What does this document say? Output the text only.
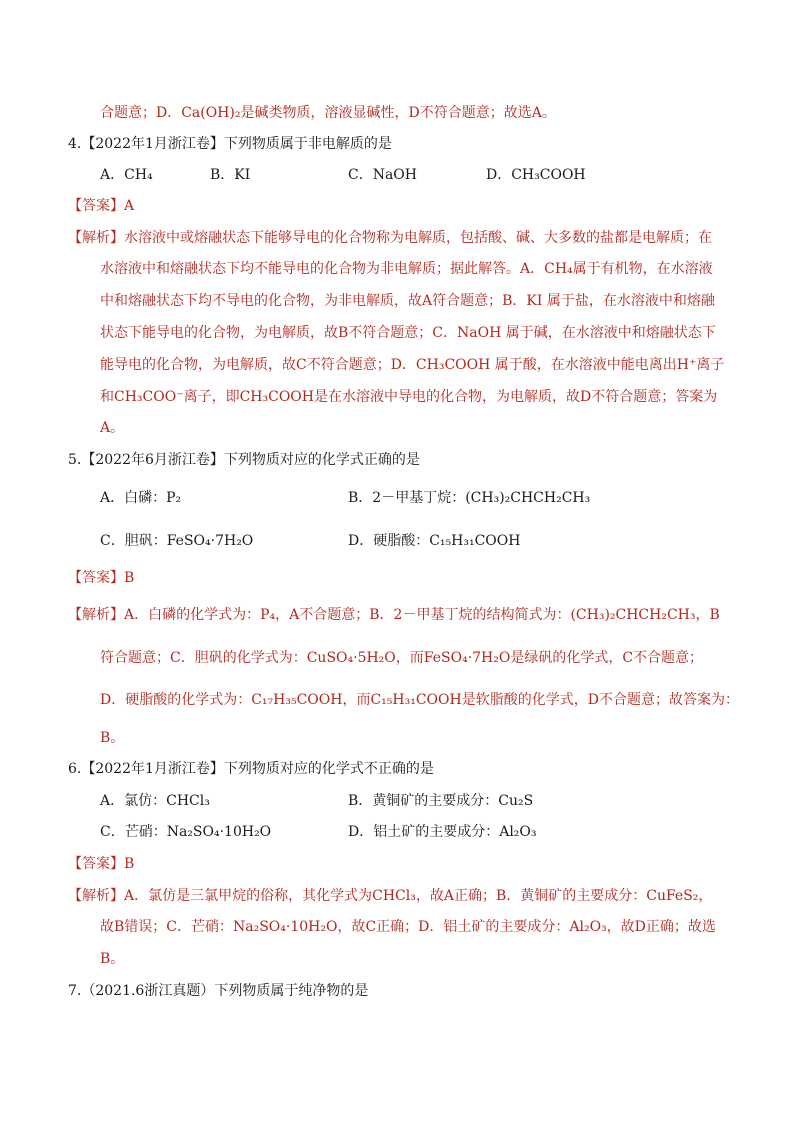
合题意；D．Ca(OH)₂是碱类物质，溶液显碱性，D不符合题意；故选A。
4.【2022年1月浙江卷】下列物质属于非电解质的是
A．CH₄	B．KI	C．NaOH	D．CH₃COOH
【答案】A
【解析】水溶液中或熔融状态下能够导电的化合物称为电解质，包括酸、碱、大多数的盐都是电解质；在
水溶液中和熔融状态下均不能导电的化合物为非电解质；据此解答。A．CH₄属于有机物，在水溶液
中和熔融状态下均不导电的化合物，为非电解质，故A符合题意；B．KI 属于盐，在水溶液中和熔融
状态下能导电的化合物，为电解质，故B不符合题意；C．NaOH 属于碱，在水溶液中和熔融状态下
能导电的化合物，为电解质，故C不符合题意；D．CH₃COOH 属于酸，在水溶液中能电离出H⁺离子
和CH₃COO⁻离子，即CH₃COOH是在水溶液中导电的化合物，为电解质，故D不符合题意；答案为
A。
5.【2022年6月浙江卷】下列物质对应的化学式正确的是
A．白磷：P₂	B．2－甲基丁烷：(CH₃)₂CHCH₂CH₃
C．胆矾：FeSO₄·7H₂O	D．硬脂酸：C₁₅H₃₁COOH
【答案】B
【解析】A．白磷的化学式为：P₄，A不合题意；B．2－甲基丁烷的结构简式为：(CH₃)₂CHCH₂CH₃，B
符合题意；C．胆矾的化学式为：CuSO₄·5H₂O，而FeSO₄·7H₂O是绿矾的化学式，C不合题意；
D．硬脂酸的化学式为：C₁₇H₃₅COOH，而C₁₅H₃₁COOH是软脂酸的化学式，D不合题意；故答案为：
B。
6.【2022年1月浙江卷】下列物质对应的化学式不正确的是
A．氯仿：CHCl₃	B．黄铜矿的主要成分：Cu₂S
C．芒硝：Na₂SO₄·10H₂O	D．铝土矿的主要成分：Al₂O₃
【答案】B
【解析】A．氯仿是三氯甲烷的俗称，其化学式为CHCl₃，故A正确；B．黄铜矿的主要成分：CuFeS₂，
故B错误；C．芒硝：Na₂SO₄·10H₂O，故C正确；D．铝土矿的主要成分：Al₂O₃，故D正确；故选
B。
7.（2021.6浙江真题）下列物质属于纯净物的是
